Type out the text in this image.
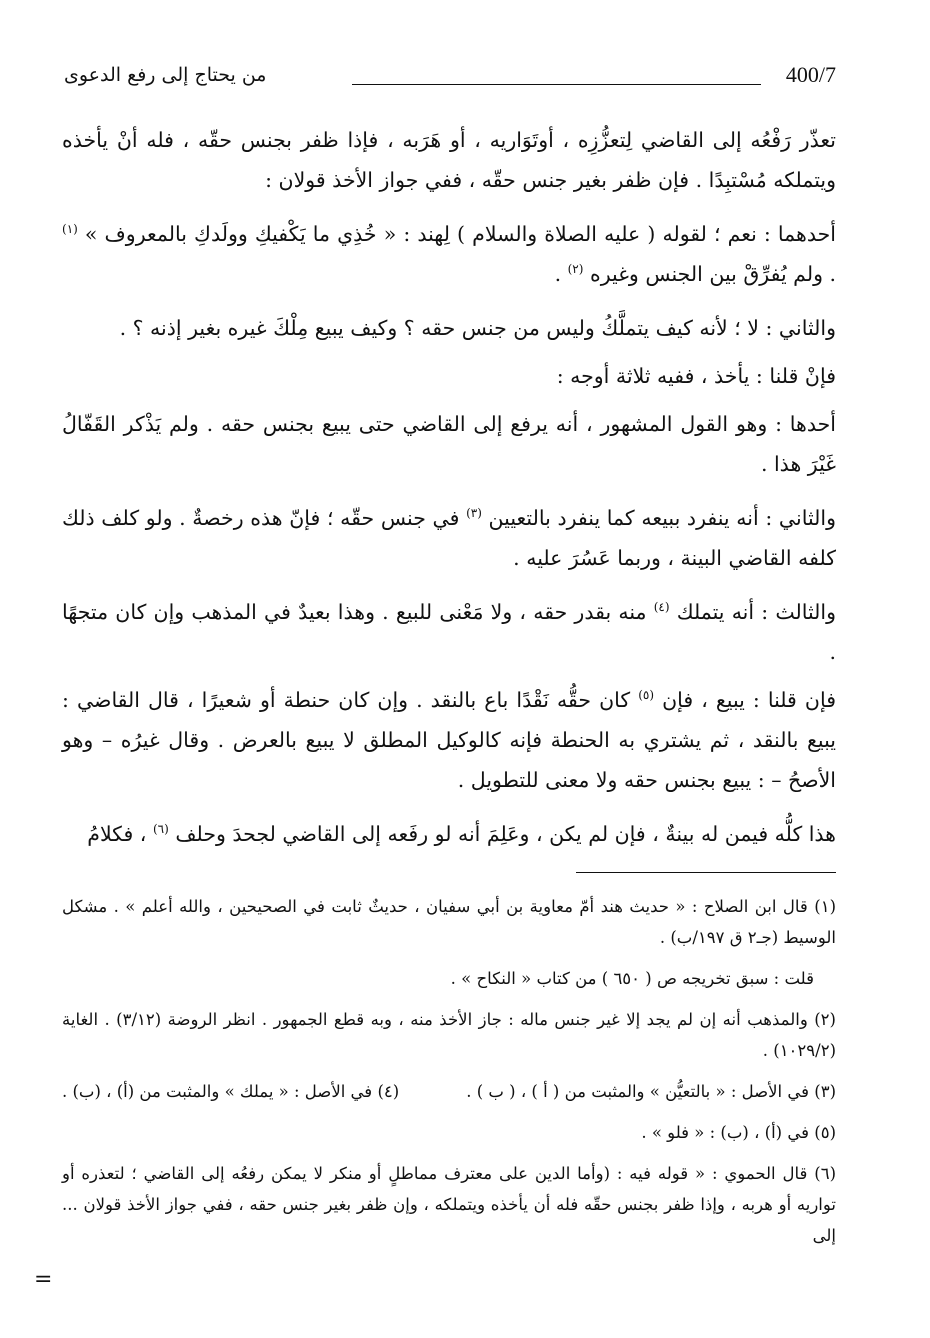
400/7
من يحتاج إلى رفع الدعوى

تعذّر رَفْعُه إلى القاضي لِتعزُّزِه ، أوتَوَاريه ، أو هَرَبه ، فإذا ظفر بجنس حقّه ، فله أنْ يأخذه ويتملكه مُسْتبِدًا . فإن ظفر بغير جنس حقّه ، ففي جواز الأخذ قولان :

أحدهما : نعم ؛ لقوله ( عليه الصلاة والسلام ) لِهند : « خُذِي ما يَكْفيكِ وولَدكِ بالمعروف » $^{(١)}$ . ولم يُفرِّقْ بين الجنس وغيره $^{(٢)}$ .

والثاني : لا ؛ لأنه كيف يتملَّكُ وليس من جنس حقه ؟ وكيف يبيع مِلْكَ غيره بغير إذنه ؟ .

فإنْ قلنا : يأخذ ، ففيه ثلاثة أوجه :

أحدها : وهو القول المشهور ، أنه يرفع إلى القاضي حتى يبيع بجنس حقه . ولم يَذْكر القَفّالُ غَيْرَ هذا .

والثاني : أنه ينفرد ببيعه كما ينفرد بالتعيين $^{(٣)}$ في جنس حقّه ؛ فإنّ هذه رخصةٌ . ولو كلف ذلك كلفه القاضي البينة ، وربما عَسُرَ عليه .

والثالث : أنه يتملك $^{(٤)}$ منه بقدر حقه ، ولا مَعْنى للبيع . وهذا بعيدٌ في المذهب وإن كان متجهًا .

فإن قلنا : يبيع ، فإن $^{(٥)}$ كان حقُّه نَقْدًا باع بالنقد . وإن كان حنطة أو شعيرًا ، قال القاضي : يبيع بالنقد ، ثم يشتري به الحنطة فإنه كالوكيل المطلق لا يبيع بالعرض . وقال غيرُه – وهو الأصحُ – : يبيع بجنس حقه ولا معنى للتطويل .

هذا كلُّه فيمن له بينةٌ ، فإن لم يكن ، وعَلِمَ أنه لو رفَعه إلى القاضي لجحدَ وحلف $^{(٦)}$ ، فكلامُ

(١) قال ابن الصلاح : « حديث هند أمّ معاوية بن أبي سفيان ، حديثٌ ثابت في الصحيحين ، والله أعلم » . مشكل الوسيط (جـ٢ ق ١٩٧/ب) .

قلت : سبق تخريجه ص ( ٦٥٠ ) من كتاب « النكاح » .

(٢) والمذهب أنه إن لم يجد إلا غير جنس ماله : جاز الأخذ منه ، وبه قطع الجمهور . انظر الروضة (٣/١٢) . الغاية (١٠٢٩/٢) .

(٣) في الأصل : « بالتعيُّن » والمثبت من ( أ ) ، ( ب ) .
(٤) في الأصل : « يملك » والمثبت من (أ) ، (ب) .

(٥) في (أ) ، (ب) : « فلو » .

(٦) قال الحموي : « قوله فيه : (وأما الدين على معترف مماطلٍ أو منكر لا يمكن رفعُه إلى القاضي ؛ لتعذره أو تواريه أو هربه ، وإذا ظفر بجنس حقّه فله أن يأخذه ويتملكه ، وإن ظفر بغير جنس حقه ، ففي جواز الأخذ قولان ... إلى

=
